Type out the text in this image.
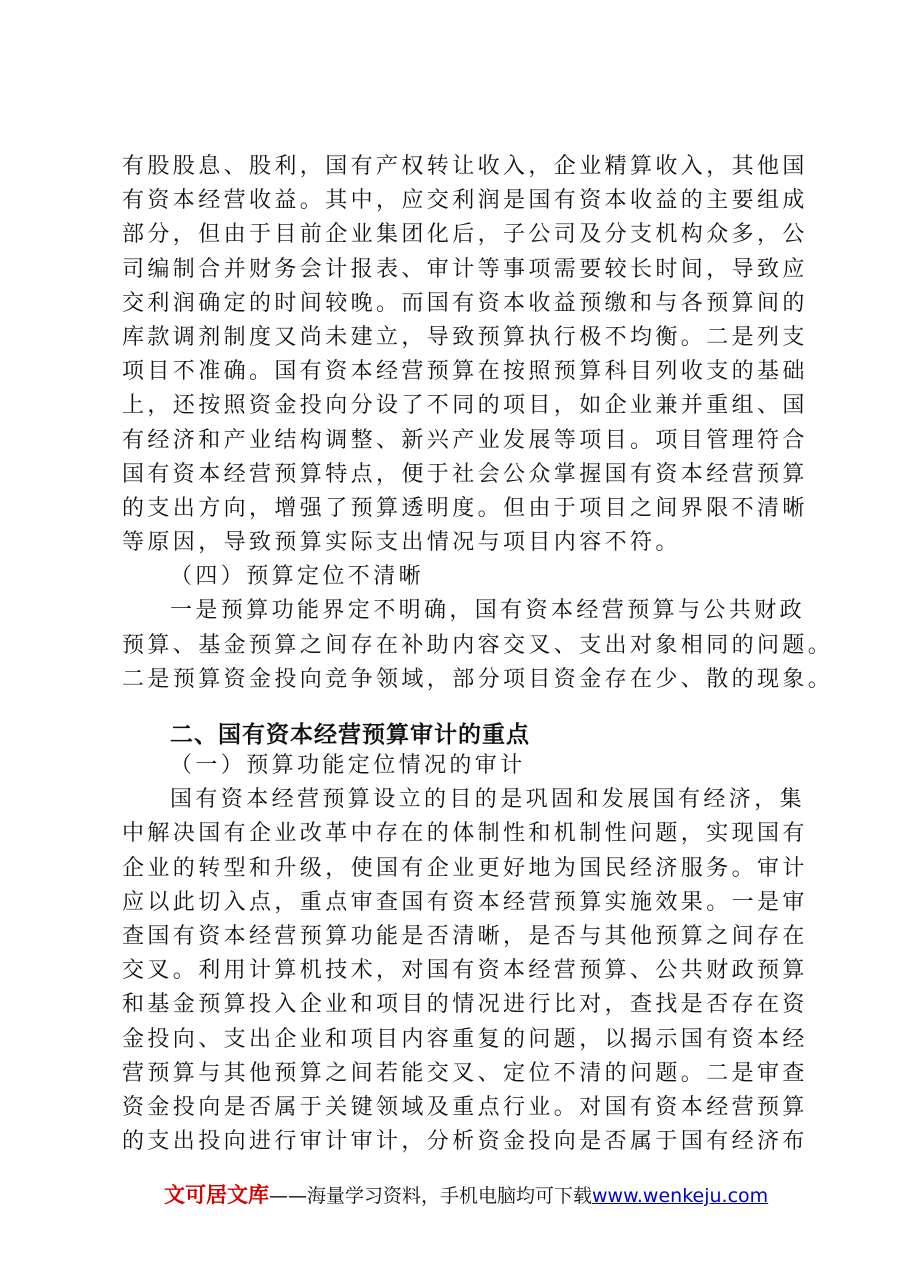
有股股息、股利，国有产权转让收入，企业精算收入，其他国
有资本经营收益。其中，应交利润是国有资本收益的主要组成
部分，但由于目前企业集团化后，子公司及分支机构众多，公
司编制合并财务会计报表、审计等事项需要较长时间，导致应
交利润确定的时间较晚。而国有资本收益预缴和与各预算间的
库款调剂制度又尚未建立，导致预算执行极不均衡。二是列支
项目不准确。国有资本经营预算在按照预算科目列收支的基础
上，还按照资金投向分设了不同的项目，如企业兼并重组、国
有经济和产业结构调整、新兴产业发展等项目。项目管理符合
国有资本经营预算特点，便于社会公众掌握国有资本经营预算
的支出方向，增强了预算透明度。但由于项目之间界限不清晰
等原因，导致预算实际支出情况与项目内容不符。
（四）预算定位不清晰
一是预算功能界定不明确，国有资本经营预算与公共财政
预算、基金预算之间存在补助内容交叉、支出对象相同的问题。
二是预算资金投向竞争领域，部分项目资金存在少、散的现象。
二、国有资本经营预算审计的重点
（一）预算功能定位情况的审计
国有资本经营预算设立的目的是巩固和发展国有经济，集
中解决国有企业改革中存在的体制性和机制性问题，实现国有
企业的转型和升级，使国有企业更好地为国民经济服务。审计
应以此切入点，重点审查国有资本经营预算实施效果。一是审
查国有资本经营预算功能是否清晰，是否与其他预算之间存在
交叉。利用计算机技术，对国有资本经营预算、公共财政预算
和基金预算投入企业和项目的情况进行比对，查找是否存在资
金投向、支出企业和项目内容重复的问题，以揭示国有资本经
营预算与其他预算之间若能交叉、定位不清的问题。二是审查
资金投向是否属于关键领域及重点行业。对国有资本经营预算
的支出投向进行审计审计，分析资金投向是否属于国有经济布
文可居文库——海量学习资料，手机电脑均可下载www.wenkeju.com
